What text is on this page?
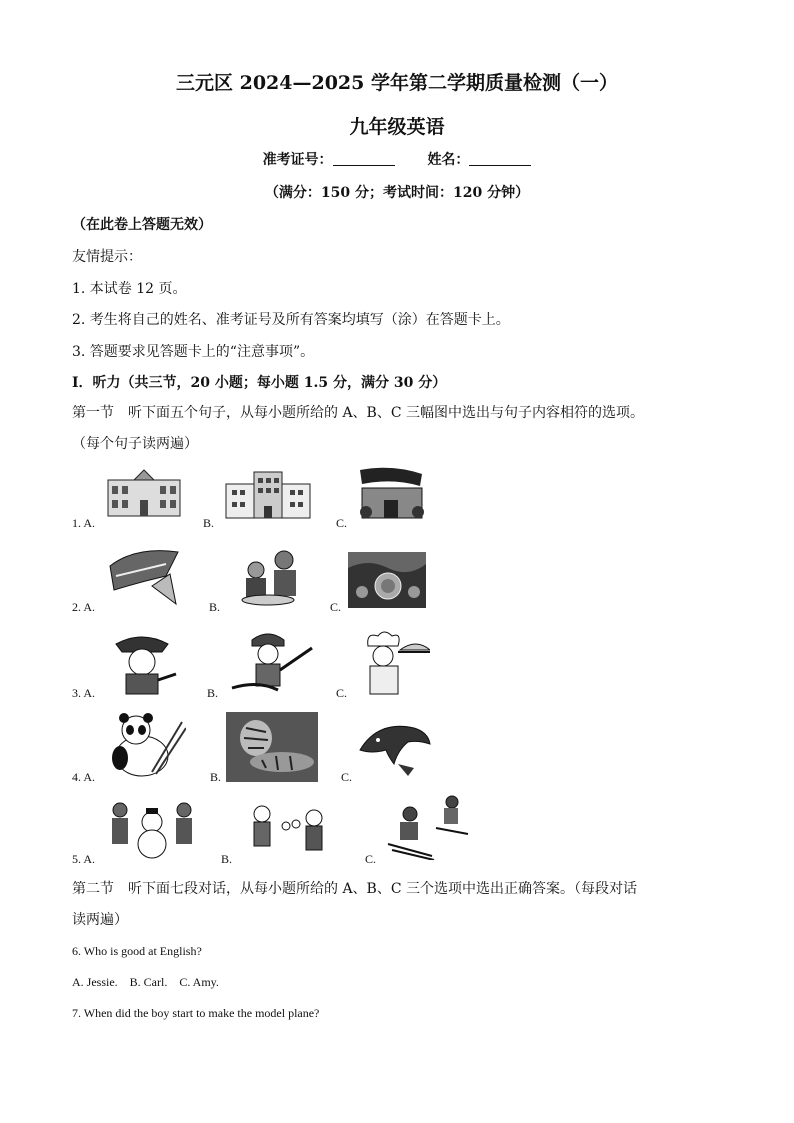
三元区 2024—2025 学年第二学期质量检测（一）
九年级英语
准考证号：	姓名：
（满分：150 分；考试时间：120 分钟）
（在此卷上答题无效）
友情提示：
1. 本试卷 12 页。
2. 考生将自己的姓名、准考证号及所有答案均填写（涂）在答题卡上。
3. 答题要求见答题卡上的“注意事项”。
Ⅰ．听力（共三节，20 小题；每小题 1.5 分，满分 30 分）
第一节　听下面五个句子，从每小题所给的 A、B、C 三幅图中选出与句子内容相符的选项。
（每个句子读两遍）
1. A.	B.	C.
2. A.	B.	C.
3. A.	B.	C.
4. A.	B.	C.
5. A.	B.	C.
第二节　听下面七段对话，从每小题所给的 A、B、C 三个选项中选出正确答案。（每段对话
读两遍）
6. Who is good at English?
A. Jessie. B. Carl. C. Amy.
7. When did the boy start to make the model plane?
